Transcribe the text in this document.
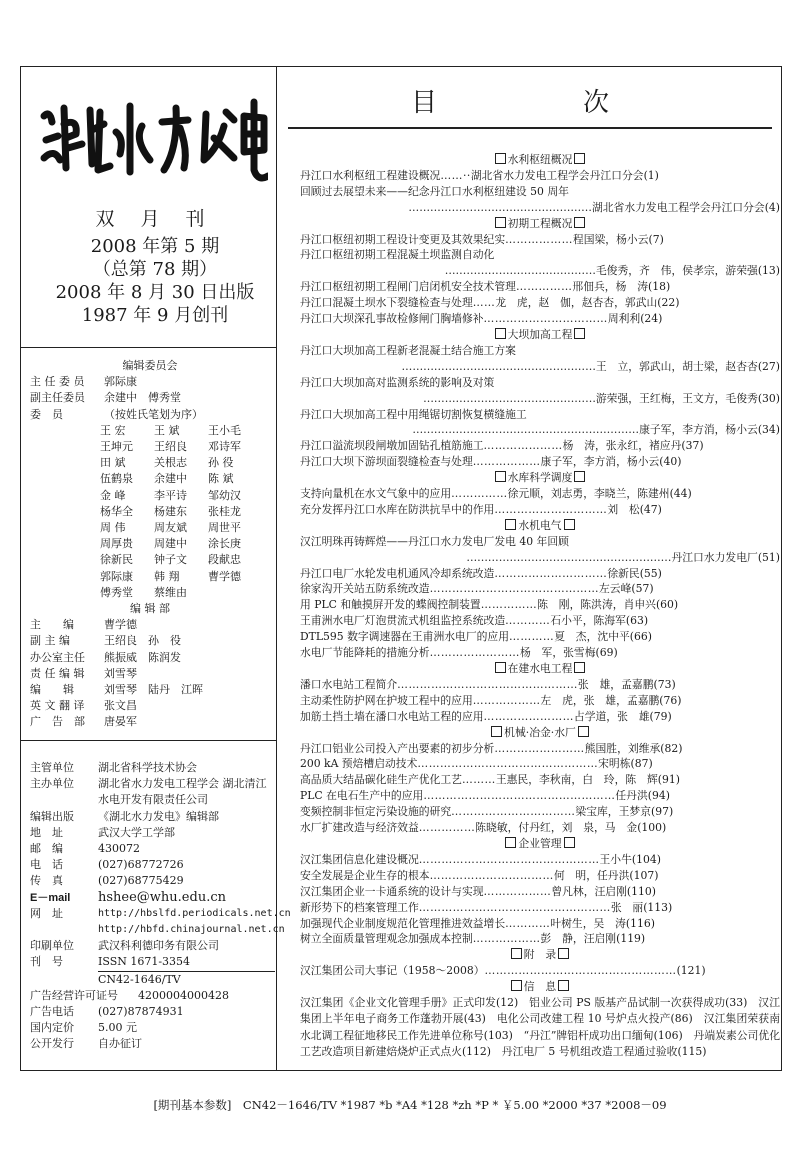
双 月 刊
2008 年第 5 期
（总第 78 期）
2008 年 8 月 30 日出版
1987 年 9 月创刊
编辑委员会
主 任 委 员	郭际康
副主任委员	余建中　傅秀堂
委　员	（按姓氏笔划为序）
王 宏	王 斌	王小毛
王坤元	王绍良	邓诗军
田 斌	关根志	孙 役
伍鹤泉	余建中	陈 斌
金 峰	李平诗	邹幼汉
杨华全	杨建东	张桂龙
周 伟	周友斌	周世平
周厚贵	周建中	涂长庚
徐新民	钟子文	段献忠
郭际康	韩 翔	曹学德
傅秀堂	蔡维由
编 辑 部
主　　编	曹学德
副 主 编	王绍良　孙　役
办公室主任	熊振威　陈润发
责 任 编 辑	刘雪琴
编　　辑	刘雪琴　陆丹　江晖
英 文 翻 译	张文昌
广　告　部	唐晏军
主管单位	湖北省科学技术协会
主办单位	湖北省水力发电工程学会 湖北清江水电开发有限责任公司
编辑出版	《湖北水力发电》编辑部
地　址	武汉大学工学部
邮　编	430072
电　话	(027)68772726
传　真	(027)68775429
E－mail	hshee@whu.edu.cn
网　址	http://hbslfd.periodicals.net.cn
http://hbfd.chinajournal.net.cn
印刷单位	武汉科利德印务有限公司
刊　号	ISSN 1671-3354
CN42-1646/TV
广告经营许可证号	4200004000428
广告电话	(027)87874931
国内定价	5.00 元
公开发行	自办征订
目　次
水利枢纽概况
丹江口水利枢纽工程建设概况……··湖北省水力发电工程学会丹江口分会(1)
回顾过去展望未来——纪念丹江口水利枢纽建设 50 周年
……………………………………………湖北省水力发电工程学会丹江口分会(4)
初期工程概况
丹江口枢纽初期工程设计变更及其效果纪实………………程国梁，杨小云(7)
丹江口枢纽初期工程混凝土坝监测自动化
……………………………………毛俊秀，齐　伟，侯孝宗，游荣强(13)
丹江口枢纽初期工程闸门启闭机安全技术管理……………邢佃兵，杨　涛(18)
丹江口混凝土坝水下裂缝检查与处理……龙　虎，赵　伽，赵杏杏，郭武山(22)
丹江口大坝深孔事故检修闸门胸墙修补……………………………周利利(24)
大坝加高工程
丹江口大坝加高工程新老混凝土结合施工方案
………………………………………………王　立，郭武山，胡士梁，赵杏杏(27)
丹江口大坝加高对监测系统的影响及对策
…………………………………………游荣强，王红梅，王文方，毛俊秀(30)
丹江口大坝加高工程中用绳锯切割恢复横缝施工
………………………………………………………康子军，李方消，杨小云(34)
丹江口溢流坝段闸墩加固钻孔植筋施工…………………杨　涛，张永红，褚应丹(37)
丹江口大坝下游坝面裂缝检查与处理………………康子军，李方消，杨小云(40)
水库科学调度
支持向量机在水文气象中的应用……………徐元顺，刘志勇，李晓兰，陈建州(44)
充分发挥丹江口水库在防洪抗旱中的作用…………………………刘　松(47)
水机电气
汉江明珠再铸辉煌——丹江口水力发电厂发电 40 年回顾
…………………………………………………丹江口水力发电厂(51)
丹江口电厂水轮发电机通风冷却系统改造…………………………徐新民(55)
徐家沟开关站五防系统改造………………………………………左云峰(57)
用 PLC 和触摸屏开发的蝶阀控制装置……………陈　刚，陈洪涛，肖申兴(60)
王甫洲水电厂灯泡贯流式机组监控系统改造…………石小平，陈海军(63)
DTL595 数字调速器在王甫洲水电厂的应用…………夏　杰，沈中平(66)
水电厂节能降耗的措施分析……………………杨　军，张雪梅(69)
在建水电工程
潘口水电站工程简介…………………………………………张　雄，孟嘉鹏(73)
主动柔性防护网在护坡工程中的应用………………左　虎，张　雄，孟嘉鹏(76)
加筋土挡土墙在潘口水电站工程的应用……………………占学道，张　雄(79)
机械·冶金·水厂
丹江口铝业公司投入产出要素的初步分析……………………熊国胜，刘维承(82)
200 kA 预焙槽启动技术…………………………………………宋明栋(87)
高品质大结晶碳化硅生产优化工艺………王惠民，李秋南，白　玲，陈　辉(91)
PLC 在电石生产中的应用……………………………………………任丹洪(94)
变频控制非恒定污染设施的研究……………………………梁宝库，王梦京(97)
水厂扩建改造与经济效益……………陈晓敏，付丹红，刘　泉，马　金(100)
企业管理
汉江集团信息化建设概况…………………………………………王小牛(104)
安全发展是企业生存的根本……………………………何　明，任丹洪(107)
汉江集团企业一卡通系统的设计与实现………………曾凡林，汪启刚(110)
新形势下的档案管理工作……………………………………………张　丽(113)
加强现代企业制度规范化管理推进效益增长…………叶树生，吴　涛(116)
树立全面质量管理观念加强成本控制………………彭　静，汪启刚(119)
附　录
汉江集团公司大事记（1958～2008）……………………………………………(121)
信　息
汉江集团《企业文化管理手册》正式印发(12)　铝业公司 PS 版基产品试制一次获得成功(33)　汉江集团上半年电子商务工作蓬勃开展(43)　电化公司改建工程 10 号炉点火投产(86)　汉江集团荣获南水北调工程征地移民工作先进单位称号(103)　“丹江”牌铝杆成功出口缅甸(106)　丹端炭素公司优化工艺改造项目新建焙烧炉正式点火(112)　丹江电厂 5 号机组改造工程通过验收(115)
[期刊基本参数]　CN42－1646/TV *1987 *b *A4 *128 *zh *P * ￥5.00 *2000 *37 *2008－09
